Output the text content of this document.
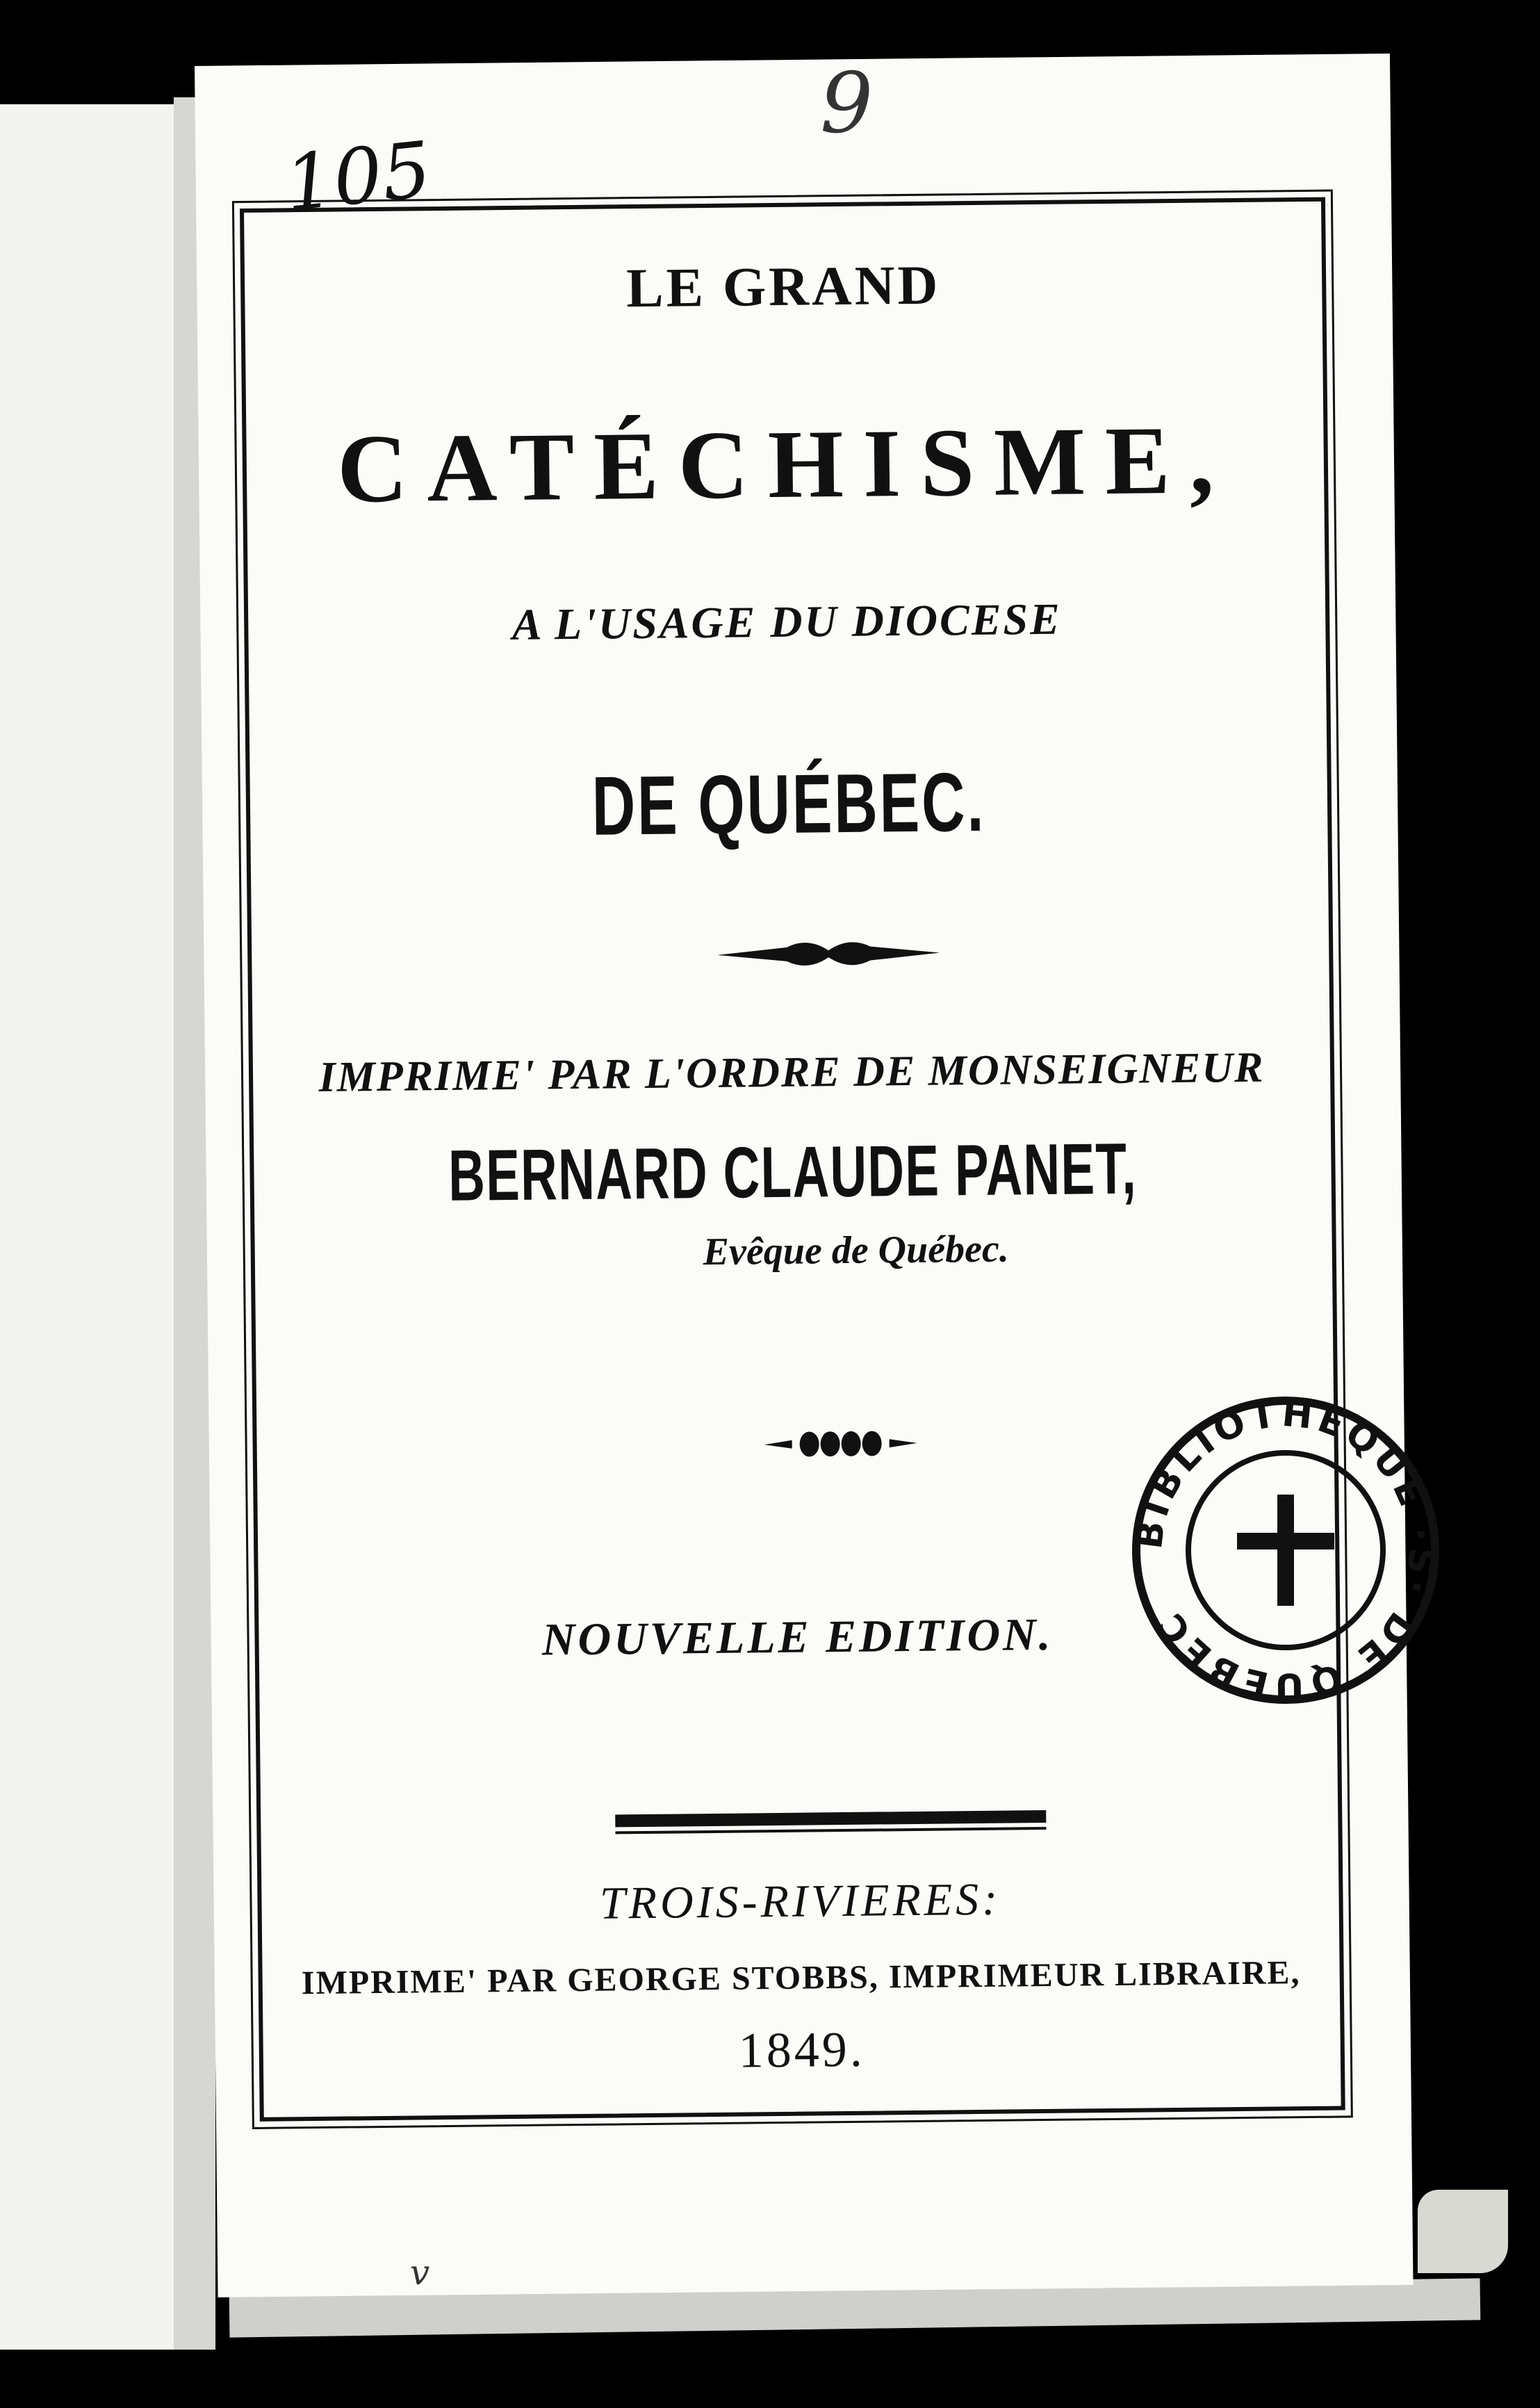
105
9
LE GRAND
CATÉCHISME,
A L'USAGE DU DIOCESE
DE QUÉBEC.
IMPRIME' PAR L'ORDRE DE MONSEIGNEUR
BERNARD CLAUDE PANET,
Evêque de Québec.
NOUVELLE EDITION.
TROIS-RIVIERES:
IMPRIME' PAR GEORGE STOBBS, IMPRIMEUR LIBRAIRE,
1849.
BIBLIOTHEQUE ·S· DE QUEBEC
v
